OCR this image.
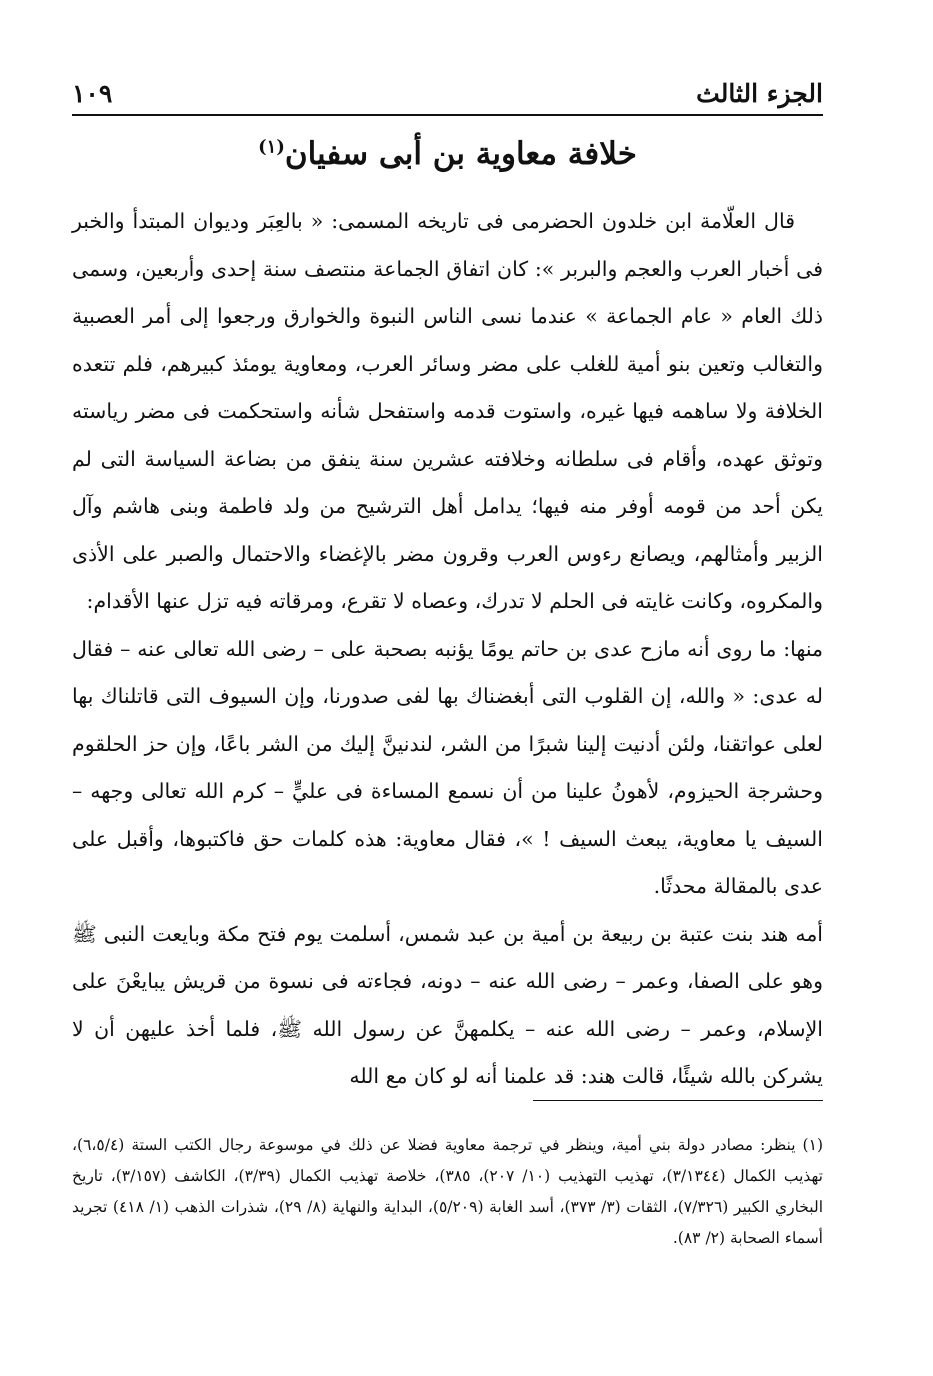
الجزء الثالث
١٠٩
خلافة معاوية بن أبى سفيان$^{(١)}$

قال العلّامة ابن خلدون الحضرمى فى تاريخه المسمى: « بالعِبَر وديوان المبتدأ والخبر فى أخبار العرب والعجم والبربر »: كان اتفاق الجماعة منتصف سنة إحدى وأربعين، وسمى ذلك العام « عام الجماعة » عندما نسى الناس النبوة والخوارق ورجعوا إلى أمر العصبية والتغالب وتعين بنو أمية للغلب على مضر وسائر العرب، ومعاوية يومئذ كبيرهم، فلم تتعده الخلافة ولا ساهمه فيها غيره، واستوت قدمه واستفحل شأنه واستحكمت فى مضر رياسته وتوثق عهده، وأقام فى سلطانه وخلافته عشرين سنة ينفق من بضاعة السياسة التى لم يكن أحد من قومه أوفر منه فيها؛ يدامل أهل الترشيح من ولد فاطمة وبنى هاشم وآل الزبير وأمثالهم، ويصانع رءوس العرب وقرون مضر بالإغضاء والاحتمال والصبر على الأذى والمكروه، وكانت غايته فى الحلم لا تدرك، وعصاه لا تقرع، ومرقاته فيه تزل عنها الأقدام:

منها: ما روى أنه مازح عدى بن حاتم يومًا يؤنبه بصحبة على – رضى الله تعالى عنه – فقال له عدى: « والله، إن القلوب التى أبغضناك بها لفى صدورنا، وإن السيوف التى قاتلناك بها لعلى عواتقنا، ولئن أدنيت إلينا شبرًا من الشر، لندنينَّ إليك من الشر باعًا، وإن حز الحلقوم وحشرجة الحيزوم، لأهونُ علينا من أن نسمع المساءة فى عليٍّ – كرم الله تعالى وجهه – السيف يا معاوية، يبعث السيف ! »، فقال معاوية: هذه كلمات حق فاكتبوها، وأقبل على عدى بالمقالة محدثًا.

أمه هند بنت عتبة بن ربيعة بن أمية بن عبد شمس، أسلمت يوم فتح مكة وبايعت النبى ﷺ وهو على الصفا، وعمر – رضى الله عنه – دونه، فجاءته فى نسوة من قريش يبايعْنَ على الإسلام، وعمر – رضى الله عنه – يكلمهنَّ عن رسول الله ﷺ، فلما أخذ عليهن أن لا يشركن بالله شيئًا، قالت هند: قد علمنا أنه لو كان مع الله

(١) ينظر: مصادر دولة بني أمية، وينظر في ترجمة معاوية فضلا عن ذلك في موسوعة رجال الكتب الستة (٦،٥/٤)، تهذيب الكمال (٣/١٣٤٤)، تهذيب التهذيب (١٠/ ٢٠٧)، ٣٨٥)، خلاصة تهذيب الكمال (٣/٣٩)، الكاشف (٣/١٥٧)، تاريخ البخاري الكبير (٧/٣٢٦)، الثقات (٣/ ٣٧٣)، أسد الغابة (٥/٢٠٩)، البداية والنهاية (٨/ ٢٩)، شذرات الذهب (١/ ٤١٨) تجريد أسماء الصحابة (٢/ ٨٣).
